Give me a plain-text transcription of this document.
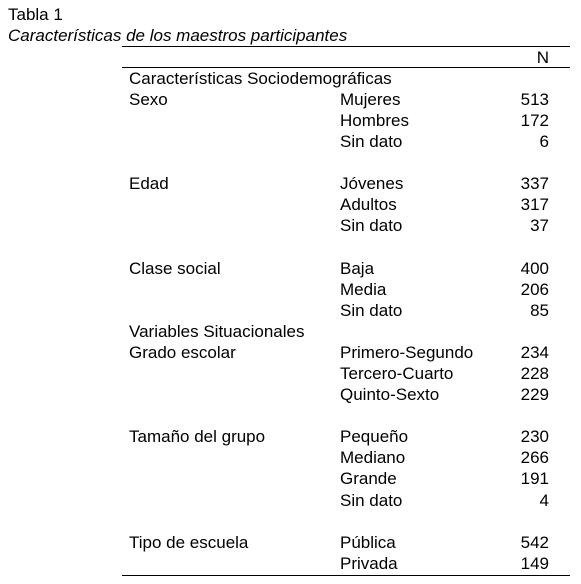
Tabla 1
Características de los maestros participantes
N
Características Sociodemográficas
Sexo	Mujeres	513
Hombres	172
Sin dato	6
Edad	Jóvenes	337
Adultos	317
Sin dato	37
Clase social	Baja	400
Media	206
Sin dato	85
Variables Situacionales
Grado escolar	Primero-Segundo	234
Tercero-Cuarto	228
Quinto-Sexto	229
Tamaño del grupo	Pequeño	230
Mediano	266
Grande	191
Sin dato	4
Tipo de escuela	Pública	542
Privada	149
